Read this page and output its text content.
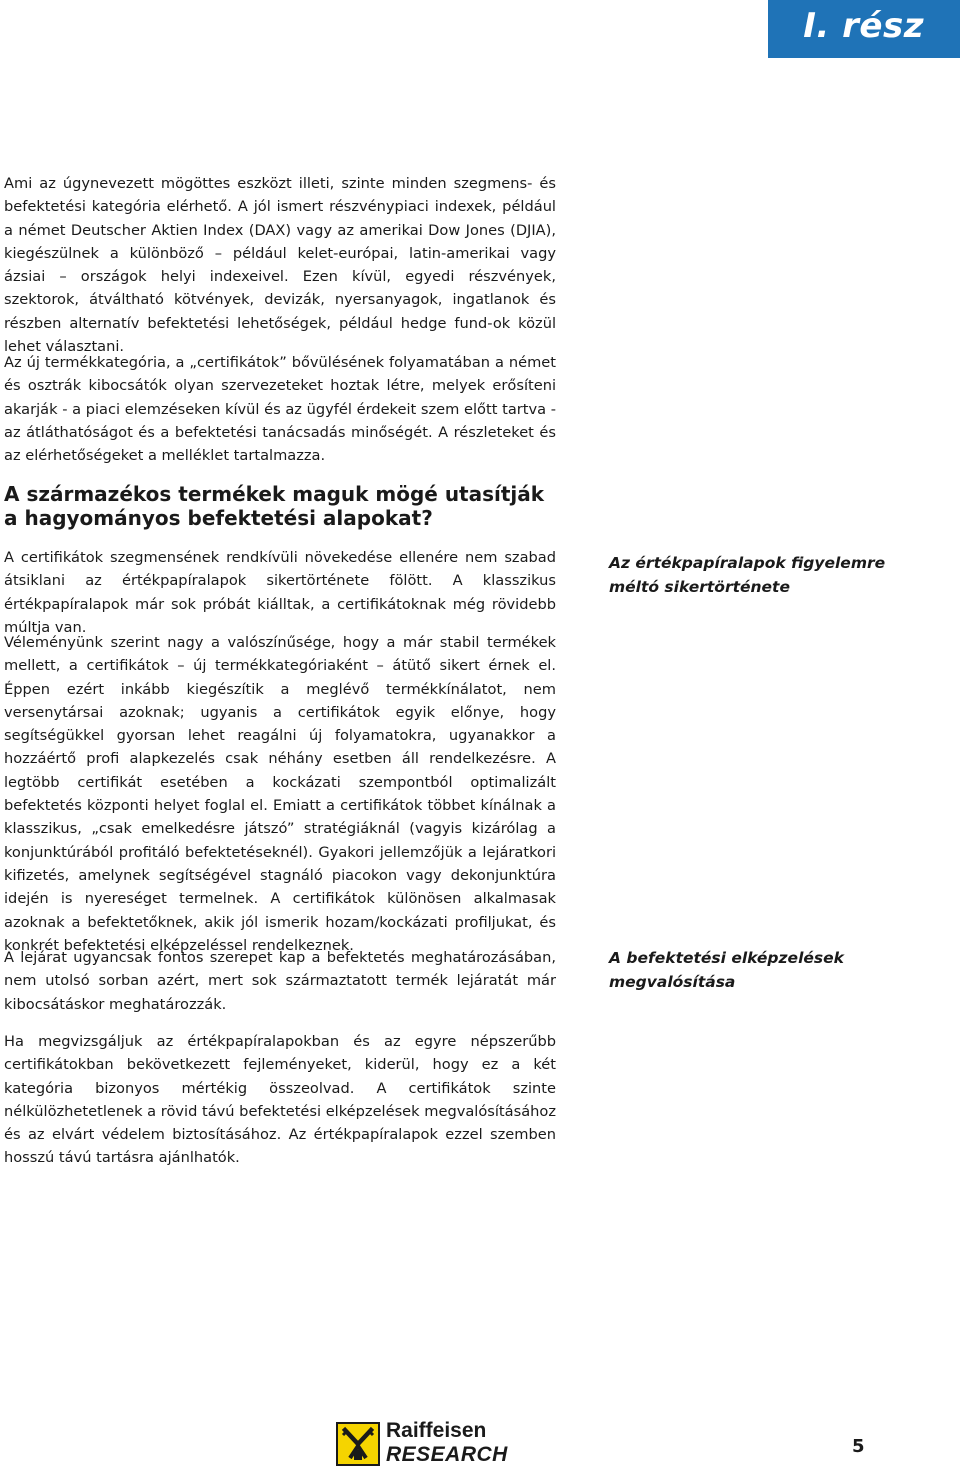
I. rész

Ami az úgynevezett mögöttes eszközt illeti, szinte minden szegmens- és befektetési kategória elérhető. A jól ismert részvénypiaci indexek, például a német Deutscher Aktien Index (DAX) vagy az amerikai Dow Jones (DJIA), kiegészülnek a különböző – például kelet-európai, latin-amerikai vagy ázsiai – országok helyi indexeivel. Ezen kívül, egyedi részvények, szektorok, átváltható kötvények, devizák, nyersanyagok, ingatlanok és részben alternatív befektetési lehetőségek, például hedge fund-ok közül lehet választani.

Az új termékkategória, a „certifikátok” bővülésének folyamatában a német és osztrák kibocsátók olyan szervezeteket hoztak létre, melyek erősíteni akarják - a piaci elemzéseken kívül és az ügyfél érdekeit szem előtt tartva - az átláthatóságot és a befektetési tanácsadás minőségét. A részleteket és az elérhetőségeket a melléklet tartalmazza.

A származékos termékek maguk mögé utasítják a hagyományos befektetési alapokat?

A certifikátok szegmensének rendkívüli növekedése ellenére nem szabad átsiklani az értékpapíralapok sikertörténete fölött. A klasszikus értékpapíralapok már sok próbát kiálltak, a certifikátoknak még rövidebb múltja van.

Véleményünk szerint nagy a valószínűsége, hogy a már stabil termékek mellett, a certifikátok – új termékkategóriaként – átütő sikert érnek el. Éppen ezért inkább kiegészítik a meglévő termékkínálatot, nem versenytársai azoknak; ugyanis a certifikátok egyik előnye, hogy segítségükkel gyorsan lehet reagálni új folyamatokra, ugyanakkor a hozzáértő profi alapkezelés csak néhány esetben áll rendelkezésre. A legtöbb certifikát esetében a kockázati szempontból optimalizált befektetés központi helyet foglal el. Emiatt a certifikátok többet kínálnak a klasszikus, „csak emelkedésre játszó” stratégiáknál (vagyis kizárólag a konjunktúrából profitáló befektetéseknél). Gyakori jellemzőjük a lejáratkori kifizetés, amelynek segítségével stagnáló piacokon vagy dekonjunktúra idején is nyereséget termelnek. A certifikátok különösen alkalmasak azoknak a befektetőknek, akik jól ismerik hozam/kockázati profiljukat, és konkrét befektetési elképzeléssel rendelkeznek.

A lejárat ugyancsak fontos szerepet kap a befektetés meghatározásában, nem utolsó sorban azért, mert sok származtatott termék lejáratát már kibocsátáskor meghatározzák.

Ha megvizsgáljuk az értékpapíralapokban és az egyre népszerűbb certifikátokban bekövetkezett fejleményeket, kiderül, hogy ez a két kategória bizonyos mértékig összeolvad. A certifikátok szinte nélkülözhetetlenek a rövid távú befektetési elképzelések megvalósításához és az elvárt védelem biztosításához. Az értékpapíralapok ezzel szemben hosszú távú tartásra ajánlhatók.

Az értékpapíralapok figyelemre méltó sikertörténete

A befektetési elképzelések megvalósítása

Raiffeisen
RESEARCH	5
